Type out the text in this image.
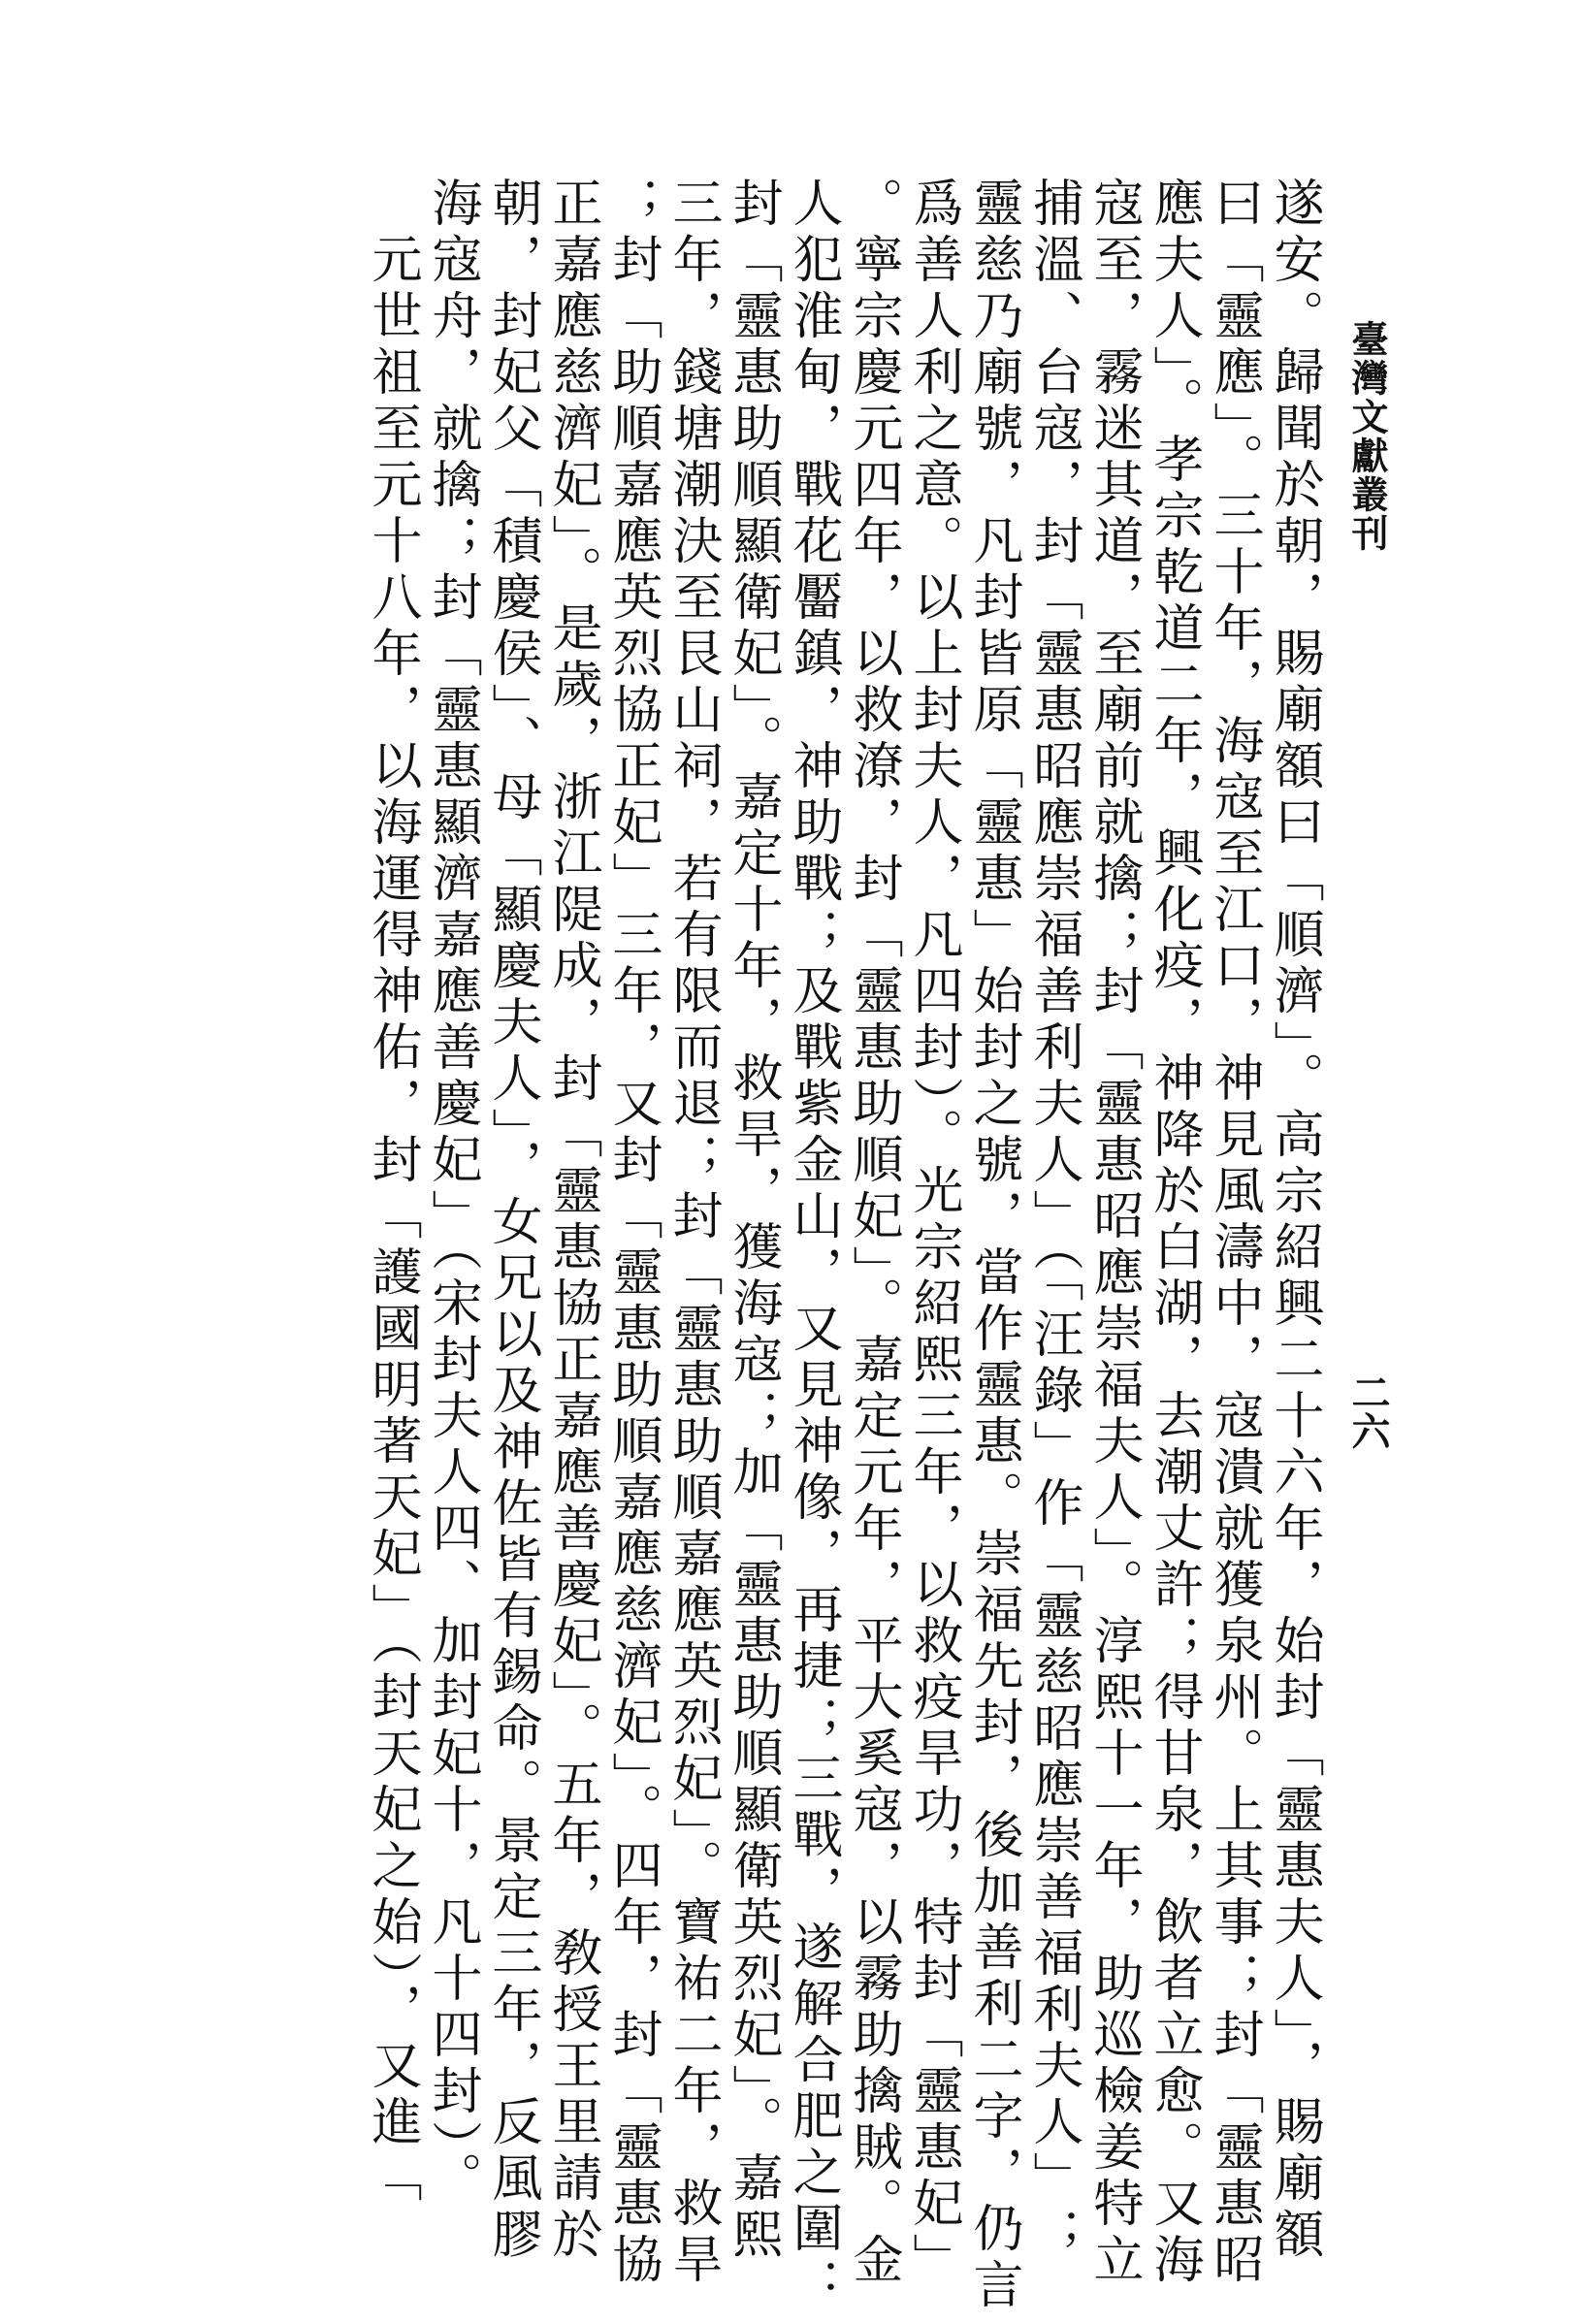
臺灣文獻叢刊
二六
遂安。歸聞於朝，賜廟額曰「順濟」。高宗紹興二十六年，始封「靈惠夫人」，賜廟額
曰「靈應」。三十年，海寇至江口，神見風濤中，寇潰就獲泉州。上其事；封「靈惠昭
應夫人」。孝宗乾道二年，興化疫，神降於白湖，去潮丈許；得甘泉，飲者立愈。又海
寇至，霧迷其道，至廟前就擒；封「靈惠昭應崇福夫人」。淳熙十一年，助巡檢姜特立
捕溫、台寇，封「靈惠昭應崇福善利夫人」（「汪錄」作「靈慈昭應崇善福利夫人」；
靈慈乃廟號，凡封皆原「靈惠」始封之號，當作靈惠。崇福先封，後加善利二字，仍言
爲善人利之意。以上封夫人，凡四封）。光宗紹熙三年，以救疫旱功，特封「靈惠妃」
。寧宗慶元四年，以救潦，封「靈惠助順妃」。嘉定元年，平大奚寇，以霧助擒賊。金
人犯淮甸，戰花靨鎮，神助戰；及戰紫金山，又見神像，再捷；三戰，遂解合肥之圍：
封「靈惠助順顯衛妃」。嘉定十年，救旱，獲海寇；加「靈惠助順顯衛英烈妃」。嘉熙
三年，錢塘潮決至艮山祠，若有限而退；封「靈惠助順嘉應英烈妃」。寶祐二年，救旱
；封「助順嘉應英烈協正妃」三年，又封「靈惠助順嘉應慈濟妃」。四年，封「靈惠協
正嘉應慈濟妃」。是歲，浙江隄成，封「靈惠協正嘉應善慶妃」。五年，敎授王里請於
朝，封妃父「積慶侯」、母「顯慶夫人」，女兄以及神佐皆有錫命。景定三年，反風膠
海寇舟，就擒；封「靈惠顯濟嘉應善慶妃」（宋封夫人四、加封妃十，凡十四封）。
元世祖至元十八年，以海運得神佑，封「護國明著天妃」（封天妃之始），又進「
